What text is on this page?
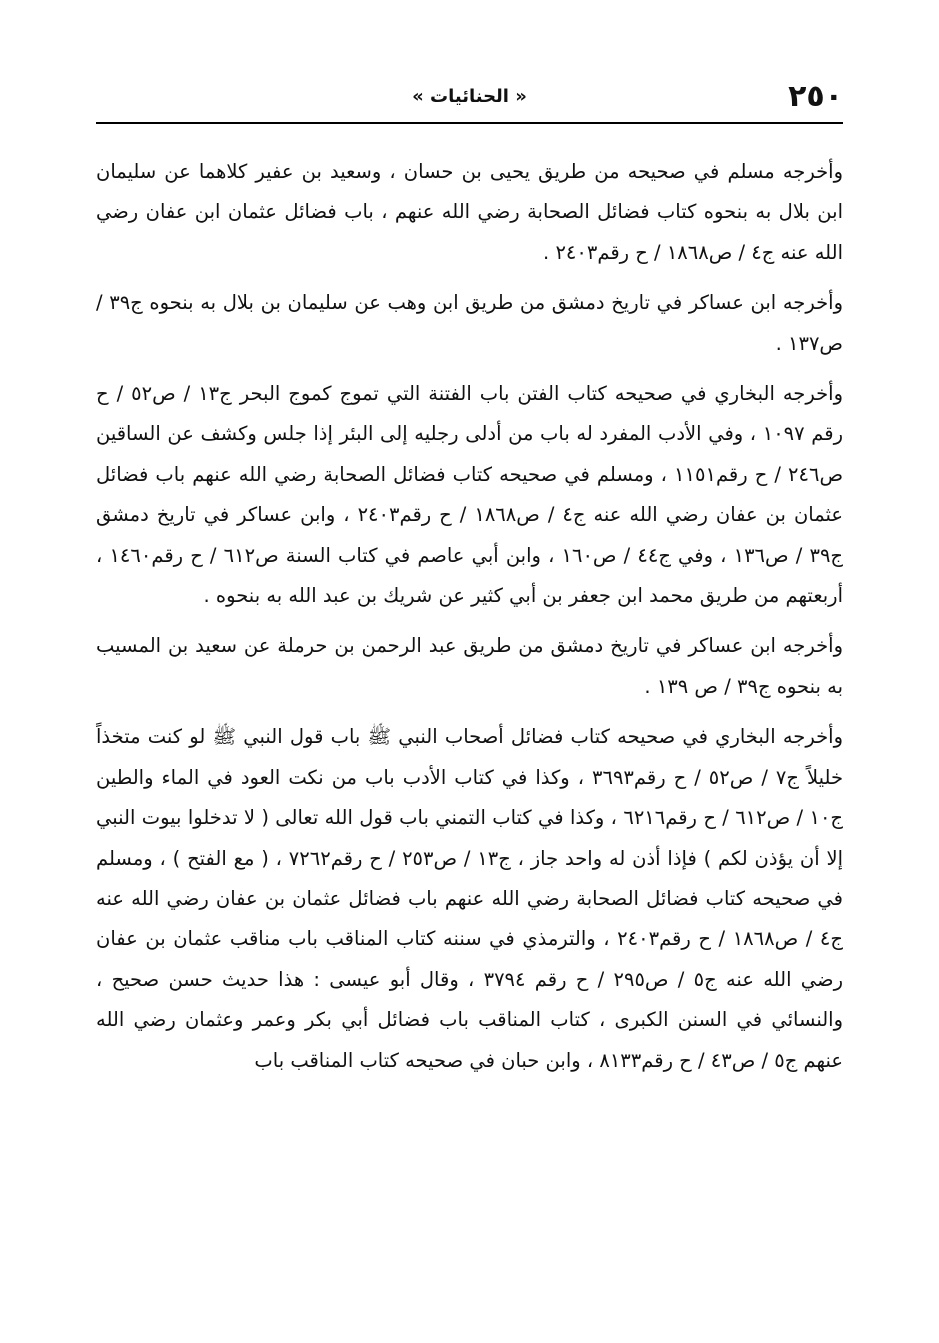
٢٥٠
« الحنائيات »

وأخرجه مسلم في صحيحه من طريق يحيى بن حسان ، وسعيد بن عفير كلاهما عن سليمان ابن بلال به بنحوه كتاب فضائل الصحابة رضي الله عنهم ، باب فضائل عثمان ابن عفان رضي الله عنه ج٤ / ص١٨٦٨ / ح رقم٢٤٠٣ .

وأخرجه ابن عساكر في تاريخ دمشق من طريق ابن وهب عن سليمان بن بلال به بنحوه ج٣٩ / ص١٣٧ .

وأخرجه البخاري في صحيحه كتاب الفتن باب الفتنة التي تموج كموج البحر ج١٣ / ص٥٢ / ح رقم ١٠٩٧ ، وفي الأدب المفرد له باب من أدلى رجليه إلى البئر إذا جلس وكشف عن الساقين ص٢٤٦ / ح رقم١١٥١ ، ومسلم في صحيحه كتاب فضائل الصحابة رضي الله عنهم باب فضائل عثمان بن عفان رضي الله عنه ج٤ / ص١٨٦٨ / ح رقم٢٤٠٣ ، وابن عساكر في تاريخ دمشق ج٣٩ / ص١٣٦ ، وفي ج٤٤ / ص١٦٠ ، وابن أبي عاصم في كتاب السنة ص٦١٢ / ح رقم١٤٦٠ ، أربعتهم من طريق محمد ابن جعفر بن أبي كثير عن شريك بن عبد الله به بنحوه .

وأخرجه ابن عساكر في تاريخ دمشق من طريق عبد الرحمن بن حرملة عن سعيد بن المسيب به بنحوه ج٣٩ / ص ١٣٩ .

وأخرجه البخاري في صحيحه كتاب فضائل أصحاب النبي ﷺ باب قول النبي ﷺ لو كنت متخذاً خليلاً ج٧ / ص٥٢ / ح رقم٣٦٩٣ ، وكذا في كتاب الأدب باب من نكت العود في الماء والطين ج١٠ / ص٦١٢ / ح رقم٦٢١٦ ، وكذا في كتاب التمني باب قول الله تعالى ( لا تدخلوا بيوت النبي إلا أن يؤذن لكم ) فإذا أذن له واحد جاز ، ج١٣ / ص٢٥٣ / ح رقم٧٢٦٢ ، ( مع الفتح ) ، ومسلم في صحيحه كتاب فضائل الصحابة رضي الله عنهم باب فضائل عثمان بن عفان رضي الله عنه ج٤ / ص١٨٦٨ / ح رقم٢٤٠٣ ، والترمذي في سننه كتاب المناقب باب مناقب عثمان بن عفان رضي الله عنه ج٥ / ص٢٩٥ / ح رقم ٣٧٩٤ ، وقال أبو عيسى : هذا حديث حسن صحيح ، والنسائي في السنن الكبرى ، كتاب المناقب باب فضائل أبي بكر وعمر وعثمان رضي الله عنهم ج٥ / ص٤٣ / ح رقم٨١٣٣ ، وابن حبان في صحيحه كتاب المناقب باب
